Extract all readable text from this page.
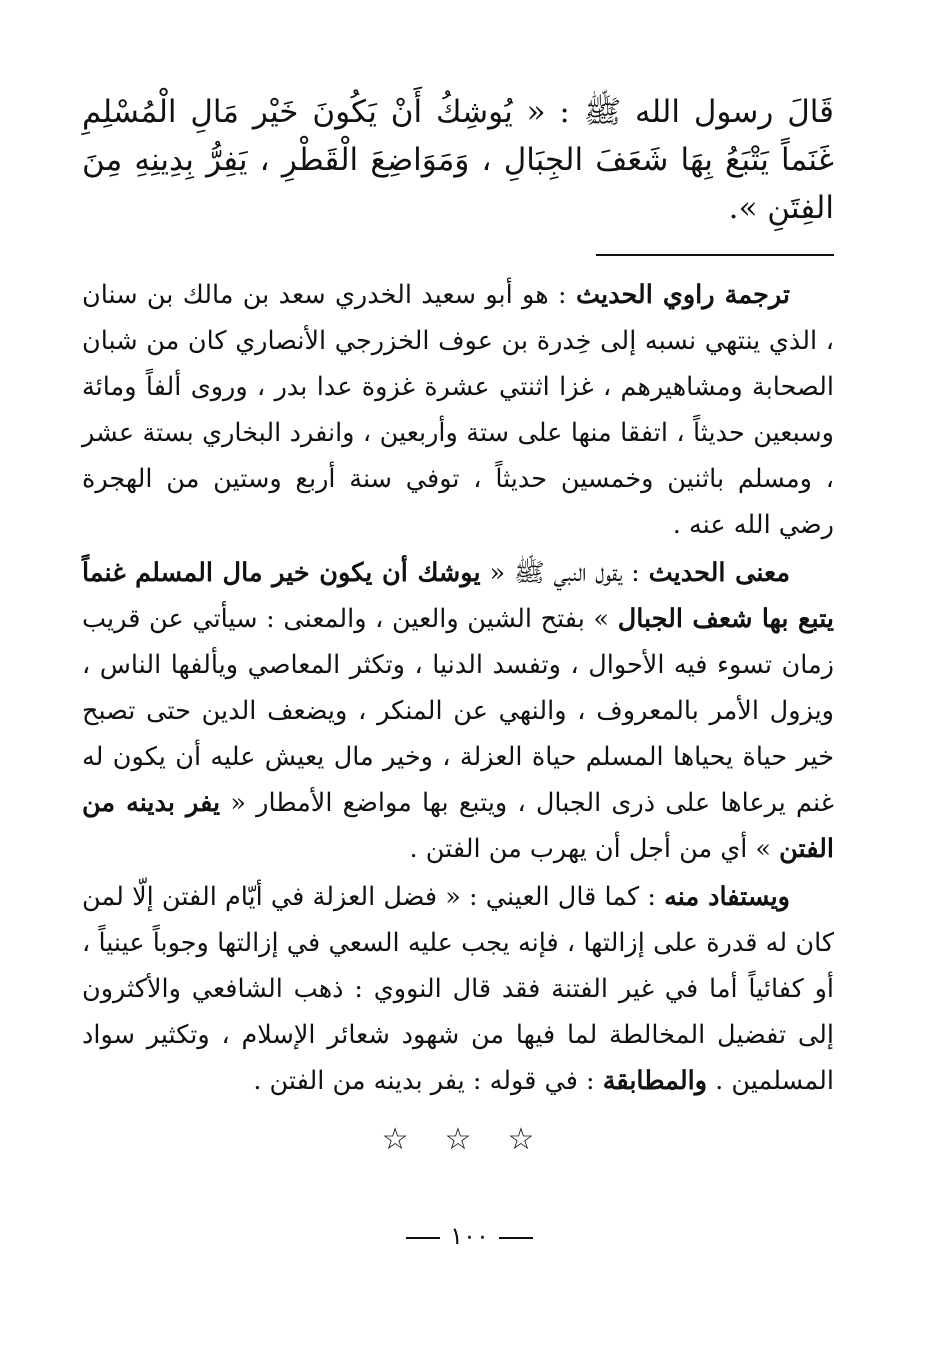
قَالَ رسول الله ﷺ : « يُوشِكُ أَنْ يَكُونَ خَيْر مَالِ الْمُسْلِمِ غَنَماً يَتْبَعُ بِهَا شَعَفَ الجِبَالِ ، وَمَوَاضِعَ الْقَطْرِ ، يَفِرُّ بِدِينِهِ مِنَ الفِتَنِ ».

ترجمة راوي الحديث : هو أبو سعيد الخدري سعد بن مالك بن سنان ، الذي ينتهي نسبه إلى خِدرة بن عوف الخزرجي الأنصاري كان من شبان الصحابة ومشاهيرهم ، غزا اثنتي عشرة غزوة عدا بدر ، وروى ألفاً ومائة وسبعين حديثاً ، اتفقا منها على ستة وأربعين ، وانفرد البخاري بستة عشر ، ومسلم باثنين وخمسين حديثاً ، توفي سنة أربع وستين من الهجرة رضي الله عنه .

معنى الحديث : يقول النبي ﷺ « يوشك أن يكون خير مال المسلم غنماً يتبع بها شعف الجبال » بفتح الشين والعين ، والمعنى : سيأتي عن قريب زمان تسوء فيه الأحوال ، وتفسد الدنيا ، وتكثر المعاصي ويألفها الناس ، ويزول الأمر بالمعروف ، والنهي عن المنكر ، ويضعف الدين حتى تصبح خير حياة يحياها المسلم حياة العزلة ، وخير مال يعيش عليه أن يكون له غنم يرعاها على ذرى الجبال ، ويتبع بها مواضع الأمطار « يفر بدينه من الفتن » أي من أجل أن يهرب من الفتن .

ويستفاد منه : كما قال العيني : « فضل العزلة في أيّام الفتن إلّا لمن كان له قدرة على إزالتها ، فإنه يجب عليه السعي في إزالتها وجوباً عينياً ، أو كفائياً أما في غير الفتنة فقد قال النووي : ذهب الشافعي والأكثرون إلى تفضيل المخالطة لما فيها من شهود شعائر الإسلام ، وتكثير سواد المسلمين . والمطابقة : في قوله : يفر بدينه من الفتن .

☆ ☆ ☆
١٠٠
